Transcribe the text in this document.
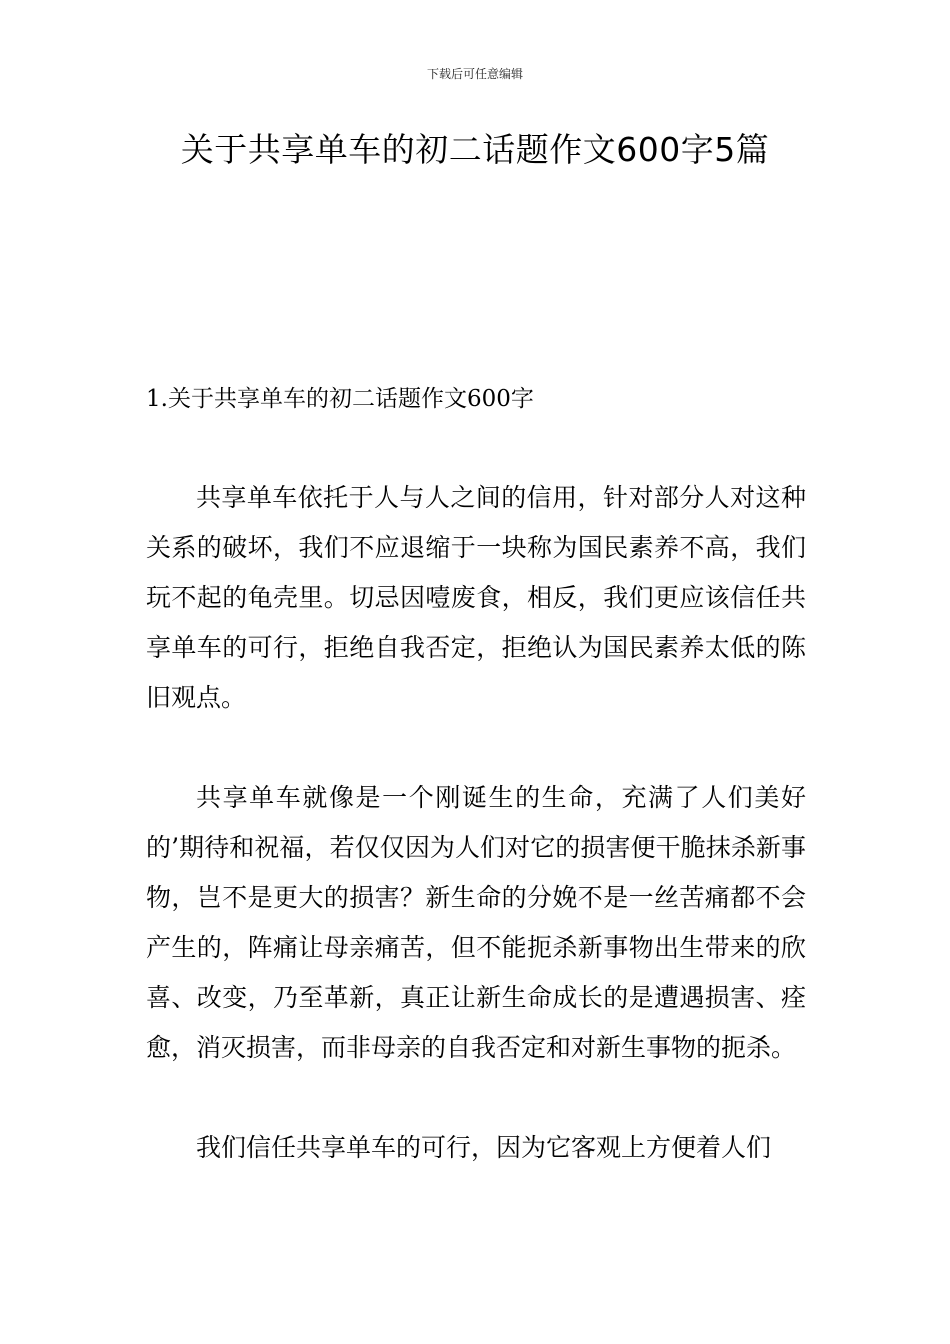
下载后可任意编辑
关于共享单车的初二话题作文600字5篇
1.关于共享单车的初二话题作文600字

共享单车依托于人与人之间的信用，针对部分人对这种关系的破坏，我们不应退缩于一块称为国民素养不高，我们玩不起的龟壳里。切忌因噎废食，相反，我们更应该信任共享单车的可行，拒绝自我否定，拒绝认为国民素养太低的陈旧观点。

共享单车就像是一个刚诞生的生命，充满了人们美好的’期待和祝福，若仅仅因为人们对它的损害便干脆抹杀新事物，岂不是更大的损害？新生命的分娩不是一丝苦痛都不会产生的，阵痛让母亲痛苦，但不能扼杀新事物出生带来的欣喜、改变，乃至革新，真正让新生命成长的是遭遇损害、痊愈，消灭损害，而非母亲的自我否定和对新生事物的扼杀。

我们信任共享单车的可行，因为它客观上方便着人们
